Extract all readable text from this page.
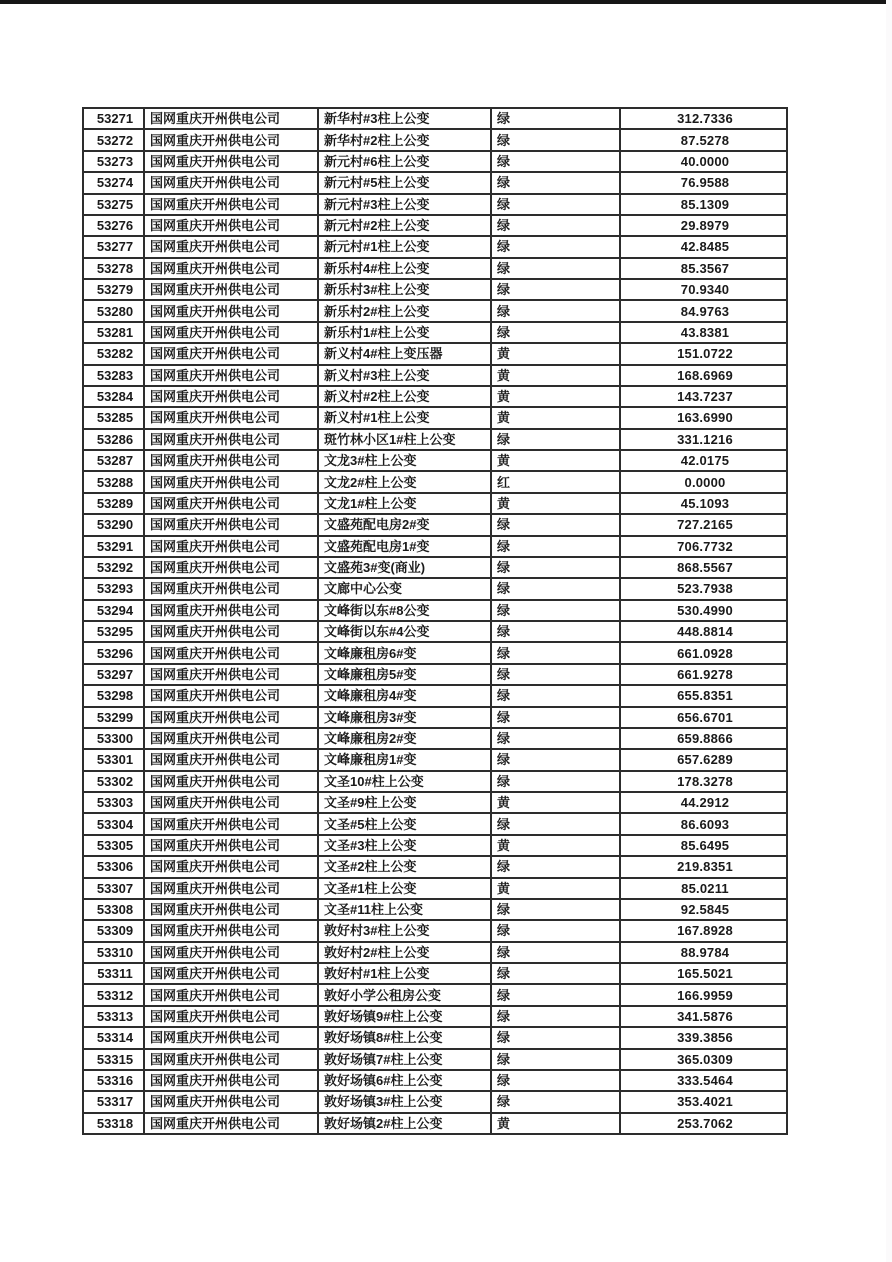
53271	国网重庆开州供电公司	新华村#3柱上公变	绿	312.7336
53272	国网重庆开州供电公司	新华村#2柱上公变	绿	87.5278
53273	国网重庆开州供电公司	新元村#6柱上公变	绿	40.0000
53274	国网重庆开州供电公司	新元村#5柱上公变	绿	76.9588
53275	国网重庆开州供电公司	新元村#3柱上公变	绿	85.1309
53276	国网重庆开州供电公司	新元村#2柱上公变	绿	29.8979
53277	国网重庆开州供电公司	新元村#1柱上公变	绿	42.8485
53278	国网重庆开州供电公司	新乐村4#柱上公变	绿	85.3567
53279	国网重庆开州供电公司	新乐村3#柱上公变	绿	70.9340
53280	国网重庆开州供电公司	新乐村2#柱上公变	绿	84.9763
53281	国网重庆开州供电公司	新乐村1#柱上公变	绿	43.8381
53282	国网重庆开州供电公司	新义村4#柱上变压器	黄	151.0722
53283	国网重庆开州供电公司	新义村#3柱上公变	黄	168.6969
53284	国网重庆开州供电公司	新义村#2柱上公变	黄	143.7237
53285	国网重庆开州供电公司	新义村#1柱上公变	黄	163.6990
53286	国网重庆开州供电公司	斑竹林小区1#柱上公变	绿	331.1216
53287	国网重庆开州供电公司	文龙3#柱上公变	黄	42.0175
53288	国网重庆开州供电公司	文龙2#柱上公变	红	0.0000
53289	国网重庆开州供电公司	文龙1#柱上公变	黄	45.1093
53290	国网重庆开州供电公司	文盛苑配电房2#变	绿	727.2165
53291	国网重庆开州供电公司	文盛苑配电房1#变	绿	706.7732
53292	国网重庆开州供电公司	文盛苑3#变(商业)	绿	868.5567
53293	国网重庆开州供电公司	文廊中心公变	绿	523.7938
53294	国网重庆开州供电公司	文峰街以东#8公变	绿	530.4990
53295	国网重庆开州供电公司	文峰街以东#4公变	绿	448.8814
53296	国网重庆开州供电公司	文峰廉租房6#变	绿	661.0928
53297	国网重庆开州供电公司	文峰廉租房5#变	绿	661.9278
53298	国网重庆开州供电公司	文峰廉租房4#变	绿	655.8351
53299	国网重庆开州供电公司	文峰廉租房3#变	绿	656.6701
53300	国网重庆开州供电公司	文峰廉租房2#变	绿	659.8866
53301	国网重庆开州供电公司	文峰廉租房1#变	绿	657.6289
53302	国网重庆开州供电公司	文圣10#柱上公变	绿	178.3278
53303	国网重庆开州供电公司	文圣#9柱上公变	黄	44.2912
53304	国网重庆开州供电公司	文圣#5柱上公变	绿	86.6093
53305	国网重庆开州供电公司	文圣#3柱上公变	黄	85.6495
53306	国网重庆开州供电公司	文圣#2柱上公变	绿	219.8351
53307	国网重庆开州供电公司	文圣#1柱上公变	黄	85.0211
53308	国网重庆开州供电公司	文圣#11柱上公变	绿	92.5845
53309	国网重庆开州供电公司	敦好村3#柱上公变	绿	167.8928
53310	国网重庆开州供电公司	敦好村2#柱上公变	绿	88.9784
53311	国网重庆开州供电公司	敦好村#1柱上公变	绿	165.5021
53312	国网重庆开州供电公司	敦好小学公租房公变	绿	166.9959
53313	国网重庆开州供电公司	敦好场镇9#柱上公变	绿	341.5876
53314	国网重庆开州供电公司	敦好场镇8#柱上公变	绿	339.3856
53315	国网重庆开州供电公司	敦好场镇7#柱上公变	绿	365.0309
53316	国网重庆开州供电公司	敦好场镇6#柱上公变	绿	333.5464
53317	国网重庆开州供电公司	敦好场镇3#柱上公变	绿	353.4021
53318	国网重庆开州供电公司	敦好场镇2#柱上公变	黄	253.7062
